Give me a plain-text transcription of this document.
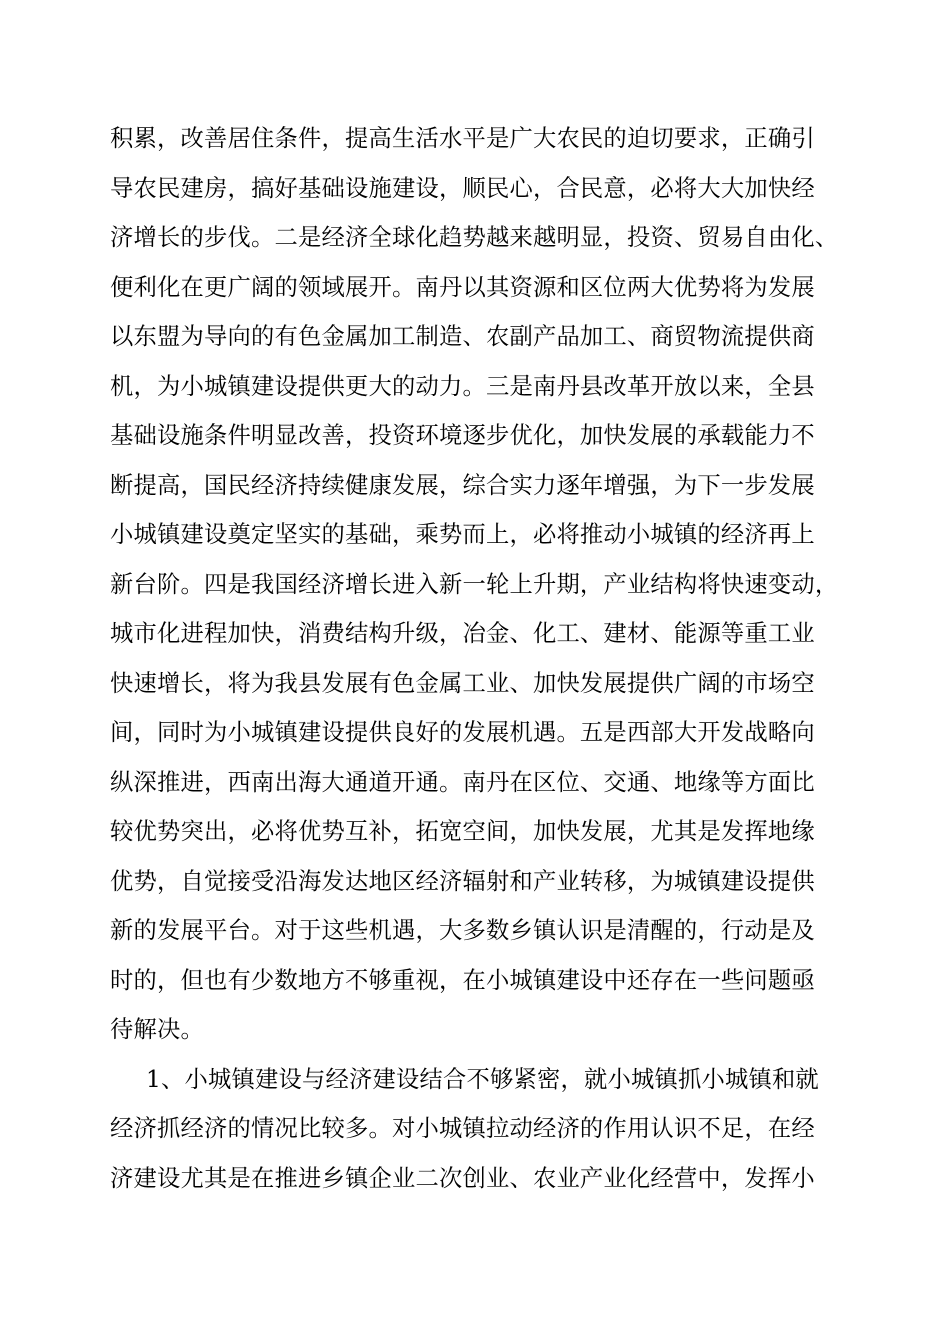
积累，改善居住条件，提高生活水平是广大农民的迫切要求，正确引
导农民建房，搞好基础设施建设，顺民心，合民意，必将大大加快经
济增长的步伐。二是经济全球化趋势越来越明显，投资、贸易自由化、
便利化在更广阔的领域展开。南丹以其资源和区位两大优势将为发展
以东盟为导向的有色金属加工制造、农副产品加工、商贸物流提供商
机，为小城镇建设提供更大的动力。三是南丹县改革开放以来，全县
基础设施条件明显改善，投资环境逐步优化，加快发展的承载能力不
断提高，国民经济持续健康发展，综合实力逐年增强，为下一步发展
小城镇建设奠定坚实的基础，乘势而上，必将推动小城镇的经济再上
新台阶。四是我国经济增长进入新一轮上升期，产业结构将快速变动，
城市化进程加快，消费结构升级，冶金、化工、建材、能源等重工业
快速增长，将为我县发展有色金属工业、加快发展提供广阔的市场空
间，同时为小城镇建设提供良好的发展机遇。五是西部大开发战略向
纵深推进，西南出海大通道开通。南丹在区位、交通、地缘等方面比
较优势突出，必将优势互补，拓宽空间，加快发展，尤其是发挥地缘
优势，自觉接受沿海发达地区经济辐射和产业转移，为城镇建设提供
新的发展平台。对于这些机遇，大多数乡镇认识是清醒的，行动是及
时的，但也有少数地方不够重视，在小城镇建设中还存在一些问题亟
待解决。
1、小城镇建设与经济建设结合不够紧密，就小城镇抓小城镇和就
经济抓经济的情况比较多。对小城镇拉动经济的作用认识不足，在经
济建设尤其是在推进乡镇企业二次创业、农业产业化经营中，发挥小
